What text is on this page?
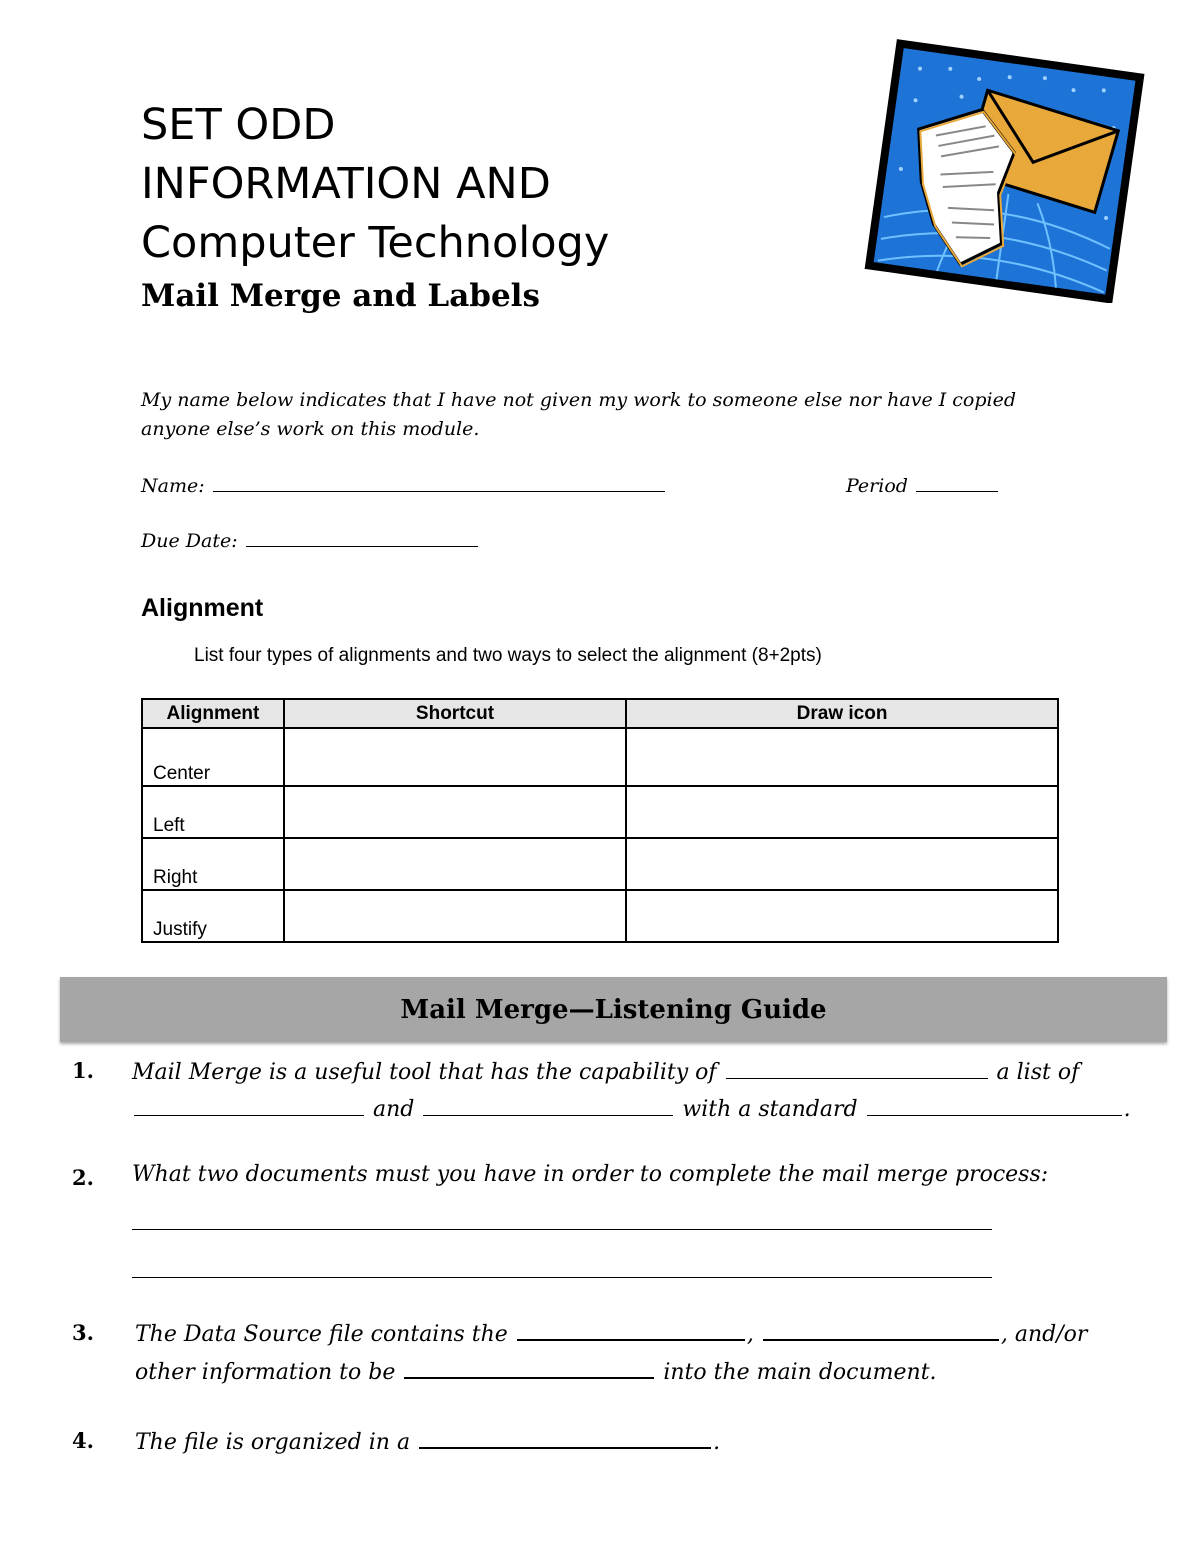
SET ODD
INFORMATION AND
Computer Technology
Mail Merge and Labels
My name below indicates that I have not given my work to someone else nor have I copied anyone else’s work on this module.
Name:	Period
Due Date:
Alignment
List four types of alignments and two ways to select the alignment (8+2pts)
Alignment	Shortcut	Draw icon
Center		
Left		
Right		
Justify		
Mail Merge—Listening Guide
1. Mail Merge is a useful tool that has the capability of	a list of
and	with a standard	.
2. What two documents must you have in order to complete the mail merge process:
3. The Data Source file contains the	,	, and/or
other information to be	into the main document.
4. The file is organized in a	.
